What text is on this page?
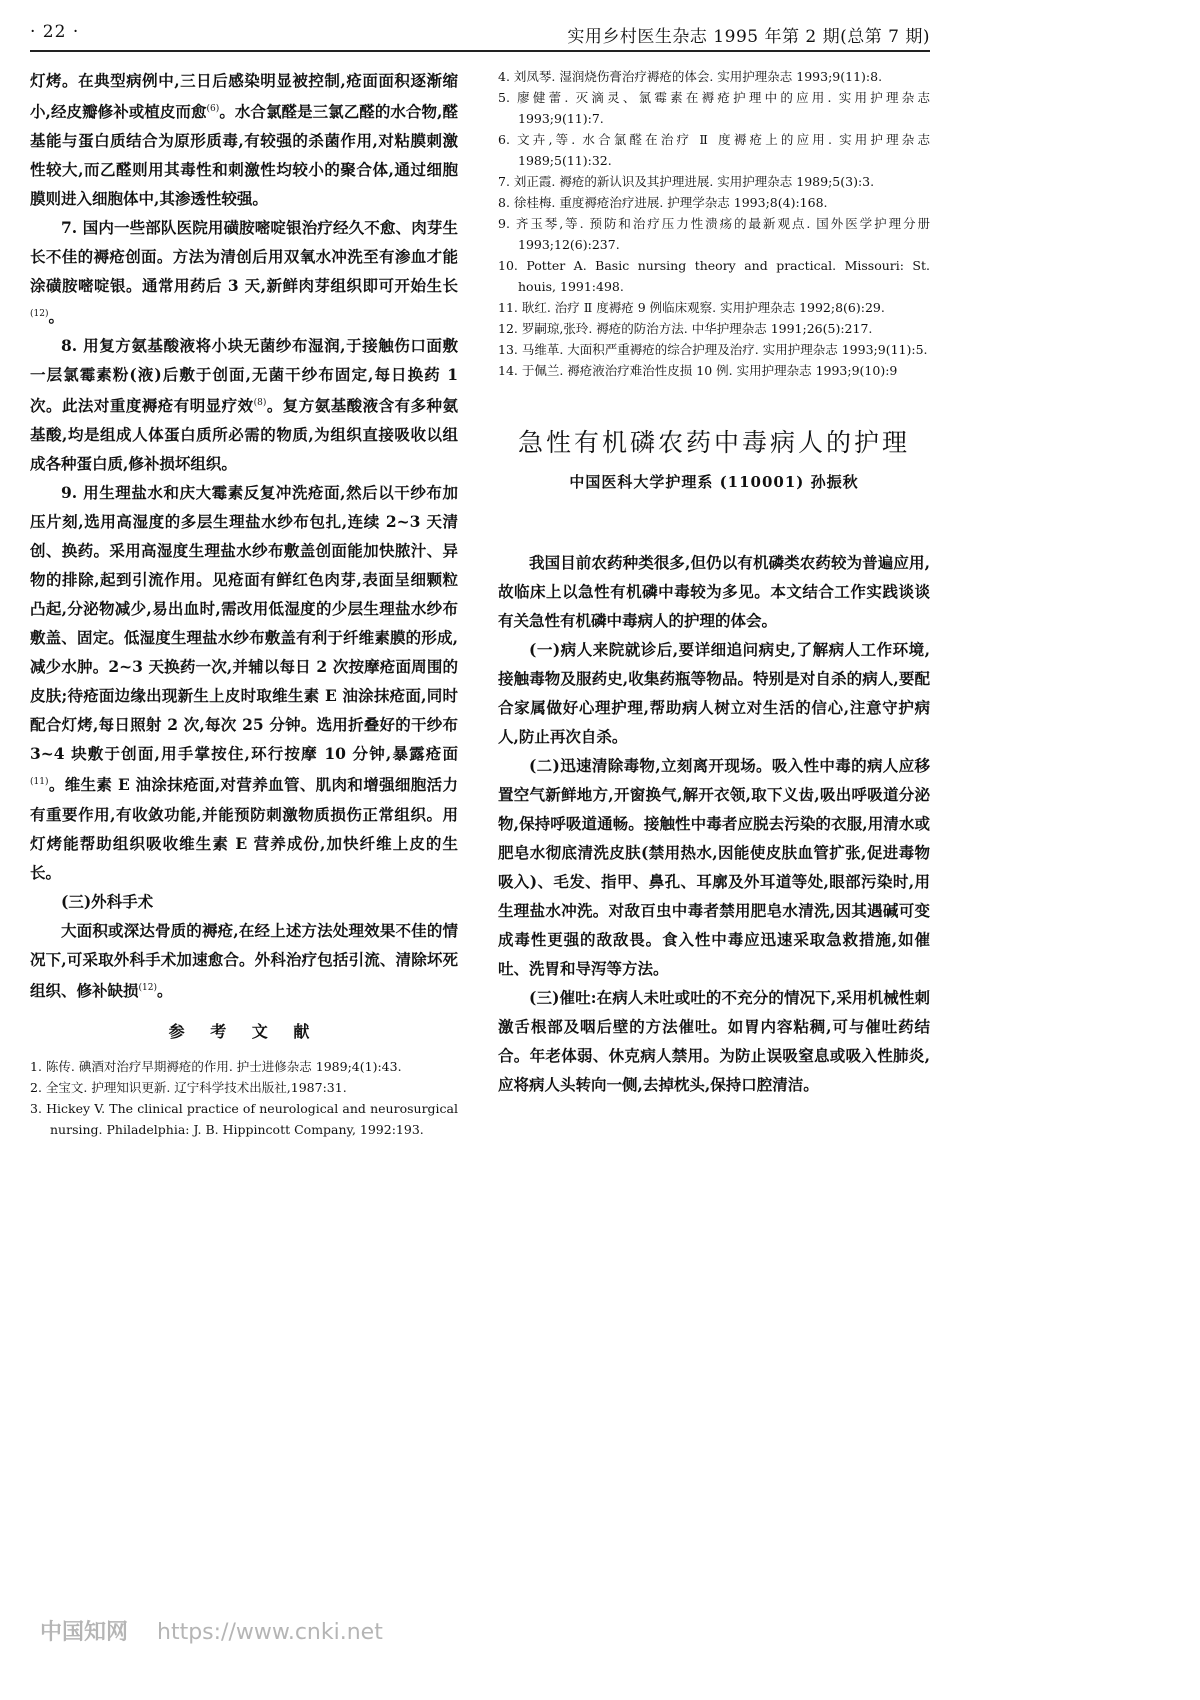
· 22 ·	实用乡村医生杂志 1995 年第 2 期(总第 7 期)

灯烤。在典型病例中,三日后感染明显被控制,疮面面积逐渐缩小,经皮瓣修补或植皮而愈$^{(6)}$。水合氯醛是三氯乙醛的水合物,醛基能与蛋白质结合为原形质毒,有较强的杀菌作用,对粘膜刺激性较大,而乙醛则用其毒性和刺激性均较小的聚合体,通过细胞膜则进入细胞体中,其渗透性较强。

7. 国内一些部队医院用磺胺嘧啶银治疗经久不愈、肉芽生长不佳的褥疮创面。方法为清创后用双氧水冲洗至有渗血才能涂磺胺嘧啶银。通常用药后 3 天,新鲜肉芽组织即可开始生长$^{(12)}$。

8. 用复方氨基酸液将小块无菌纱布湿润,于接触伤口面敷一层氯霉素粉(液)后敷于创面,无菌干纱布固定,每日换药 1 次。此法对重度褥疮有明显疗效$^{(8)}$。复方氨基酸液含有多种氨基酸,均是组成人体蛋白质所必需的物质,为组织直接吸收以组成各种蛋白质,修补损坏组织。

9. 用生理盐水和庆大霉素反复冲洗疮面,然后以干纱布加压片刻,选用高湿度的多层生理盐水纱布包扎,连续 2~3 天清创、换药。采用高湿度生理盐水纱布敷盖创面能加快脓汁、异物的排除,起到引流作用。见疮面有鲜红色肉芽,表面呈细颗粒凸起,分泌物减少,易出血时,需改用低湿度的少层生理盐水纱布敷盖、固定。低湿度生理盐水纱布敷盖有利于纤维素膜的形成,减少水肿。2~3 天换药一次,并辅以每日 2 次按摩疮面周围的皮肤;待疮面边缘出现新生上皮时取维生素 E 油涂抹疮面,同时配合灯烤,每日照射 2 次,每次 25 分钟。选用折叠好的干纱布 3~4 块敷于创面,用手掌按住,环行按摩 10 分钟,暴露疮面$^{(11)}$。维生素 E 油涂抹疮面,对营养血管、肌肉和增强细胞活力有重要作用,有收敛功能,并能预防刺激物质损伤正常组织。用灯烤能帮助组织吸收维生素 E 营养成份,加快纤维上皮的生长。

(三)外科手术

大面积或深达骨质的褥疮,在经上述方法处理效果不佳的情况下,可采取外科手术加速愈合。外科治疗包括引流、清除坏死组织、修补缺损$^{(12)}$。

参 考 文 献
1. 陈传. 碘酒对治疗早期褥疮的作用. 护士进修杂志 1989;4(1):43.
2. 全宝文. 护理知识更新. 辽宁科学技术出版社,1987:31.
3. Hickey V. The clinical practice of neurological and neurosurgical nursing. Philadelphia: J. B. Hippincott Company, 1992:193.
4. 刘凤琴. 湿润烧伤膏治疗褥疮的体会. 实用护理杂志 1993;9(11):8.
5. 廖健蕾. 灭滴灵、氯霉素在褥疮护理中的应用. 实用护理杂志 1993;9(11):7.
6. 文卉,等. 水合氯醛在治疗 Ⅱ 度褥疮上的应用. 实用护理杂志 1989;5(11):32.
7. 刘正霞. 褥疮的新认识及其护理进展. 实用护理杂志 1989;5(3):3.
8. 徐桂梅. 重度褥疮治疗进展. 护理学杂志 1993;8(4):168.
9. 齐玉琴,等. 预防和治疗压力性溃疡的最新观点. 国外医学护理分册 1993;12(6):237.
10. Potter A. Basic nursing theory and practical. Missouri: St. houis, 1991:498.
11. 耿红. 治疗 Ⅱ 度褥疮 9 例临床观察. 实用护理杂志 1992;8(6):29.
12. 罗嗣琼,张玲. 褥疮的防治方法. 中华护理杂志 1991;26(5):217.
13. 马维革. 大面积严重褥疮的综合护理及治疗. 实用护理杂志 1993;9(11):5.
14. 于佩兰. 褥疮液治疗难治性皮损 10 例. 实用护理杂志 1993;9(10):9
急性有机磷农药中毒病人的护理

中国医科大学护理系 (110001) 孙振秋

我国目前农药种类很多,但仍以有机磷类农药较为普遍应用,故临床上以急性有机磷中毒较为多见。本文结合工作实践谈谈有关急性有机磷中毒病人的护理的体会。

(一)病人来院就诊后,要详细追问病史,了解病人工作环境,接触毒物及服药史,收集药瓶等物品。特别是对自杀的病人,要配合家属做好心理护理,帮助病人树立对生活的信心,注意守护病人,防止再次自杀。

(二)迅速清除毒物,立刻离开现场。吸入性中毒的病人应移置空气新鲜地方,开窗换气,解开衣领,取下义齿,吸出呼吸道分泌物,保持呼吸道通畅。接触性中毒者应脱去污染的衣服,用清水或肥皂水彻底清洗皮肤(禁用热水,因能使皮肤血管扩张,促进毒物吸入)、毛发、指甲、鼻孔、耳廓及外耳道等处,眼部污染时,用生理盐水冲洗。对敌百虫中毒者禁用肥皂水清洗,因其遇碱可变成毒性更强的敌敌畏。食入性中毒应迅速采取急救措施,如催吐、洗胃和导泻等方法。

(三)催吐:在病人未吐或吐的不充分的情况下,采用机械性刺激舌根部及咽后壁的方法催吐。如胃内容粘稠,可与催吐药结合。年老体弱、休克病人禁用。为防止误吸窒息或吸入性肺炎,应将病人头转向一侧,去掉枕头,保持口腔清洁。

中国知网 https://www.cnki.net
